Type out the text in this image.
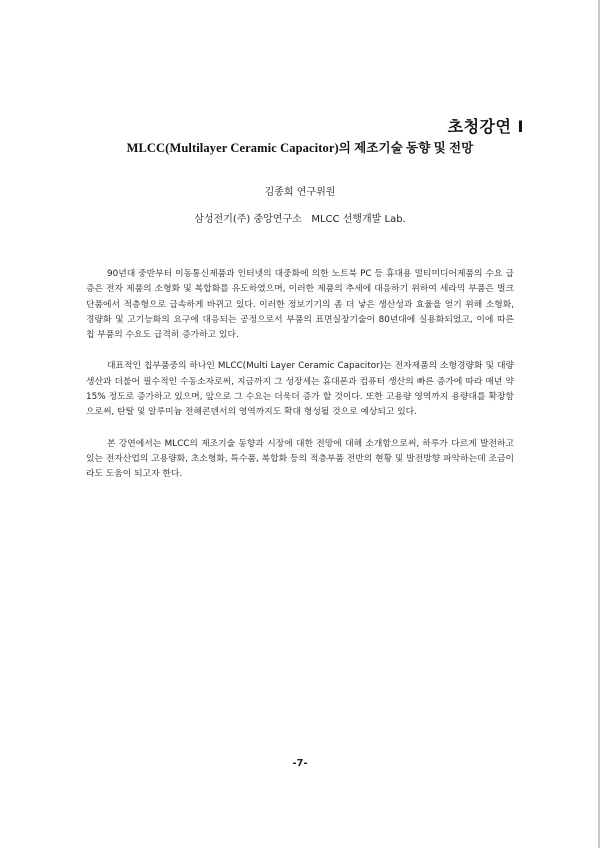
초청강연 I
MLCC(Multilayer Ceramic Capacitor)의 제조기술 동향 및 전망
김종희 연구위원
삼성전기(주) 중앙연구소   MLCC 선행개발 Lab.

90년대 중반부터 이동통신제품과 인터넷의 대중화에 의한 노트북 PC 등 휴대용 멀티미디어제품의 수요 급증은 전자 제품의 소형화 및 복합화를 유도하였으며, 이러한 제품의 추세에 대응하기 위하여 세라믹 부품은 벌크 단품에서 적층형으로 급속하게 바뀌고 있다. 이러한 정보기기의 좀 더 낳은 생산성과 효율을 얻기 위해 소형화, 경량화 및 고기능화의 요구에 대응되는 공정으로서 부품의 표면실장기술이 80년대에 실용화되었고, 이에 따른 칩 부품의 수요도 급격히 증가하고 있다.

대표적인 칩부품중의 하나인 MLCC(Multi Layer Ceramic Capacitor)는 전자제품의 소형경량화 및 대량생산과 더불어 필수적인 수동소자로써, 지금까지 그 성장세는 휴대폰과 컴퓨터 생산의 빠른 증가에 따라 매년 약 15% 정도로 증가하고 있으며, 앞으로 그 수요는 더욱더 증가 할 것이다. 또한 고용량 영역까지 용량대를 확장함으로써, 탄탈 및 알루미늄 전해콘덴서의 영역까지도 확대 형성될 것으로 예상되고 있다.

본 강연에서는 MLCC의 제조기술 동향과 시장에 대한 전망에 대해 소개함으로써, 하루가 다르게 발전하고 있는 전자산업의 고용량화, 초소형화, 특수품, 복합화 등의 적층부품 전반의 현황 및 발전방향 파악하는데 조금이라도 도움이 되고자 한다.

-7-
